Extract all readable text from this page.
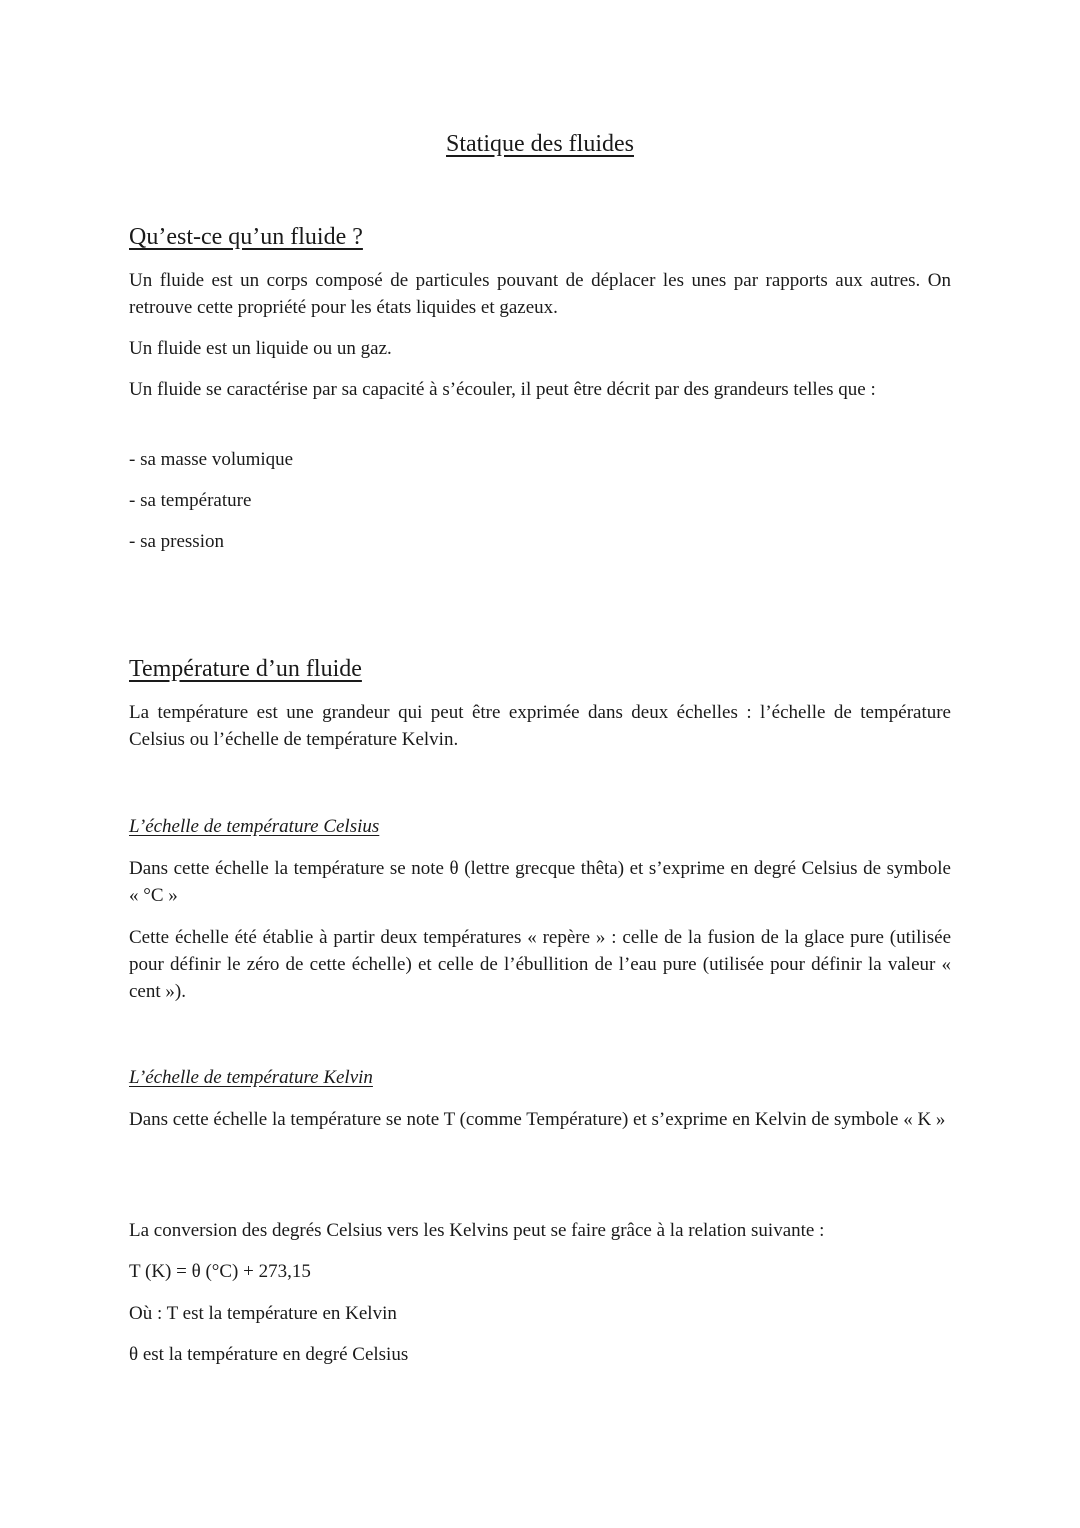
Statique des fluides
Qu’est-ce qu’un fluide ?

Un fluide est un corps composé de particules pouvant de déplacer les unes par rapports aux autres. On retrouve cette propriété pour les états liquides et gazeux.

Un fluide est un liquide ou un gaz.

Un fluide se caractérise par sa capacité à s’écouler, il peut être décrit par des grandeurs telles que :

- sa masse volumique

- sa température

- sa pression

Température d’un fluide

La température est une grandeur qui peut être exprimée dans deux échelles : l’échelle de température Celsius ou l’échelle de température Kelvin.

L’échelle de température Celsius

Dans cette échelle la température se note θ (lettre grecque thêta) et s’exprime en degré Celsius de symbole « °C »

Cette échelle été établie à partir deux températures « repère » : celle de la fusion de la glace pure (utilisée pour définir le zéro de cette échelle) et celle de l’ébullition de l’eau pure (utilisée pour définir la valeur « cent »).

L’échelle de température Kelvin

Dans cette échelle la température se note T (comme Température) et s’exprime en Kelvin de symbole « K »

La conversion des degrés Celsius vers les Kelvins peut se faire grâce à la relation suivante :

T (K) = θ (°C) + 273,15

Où : T est la température en Kelvin

θ est la température en degré Celsius
